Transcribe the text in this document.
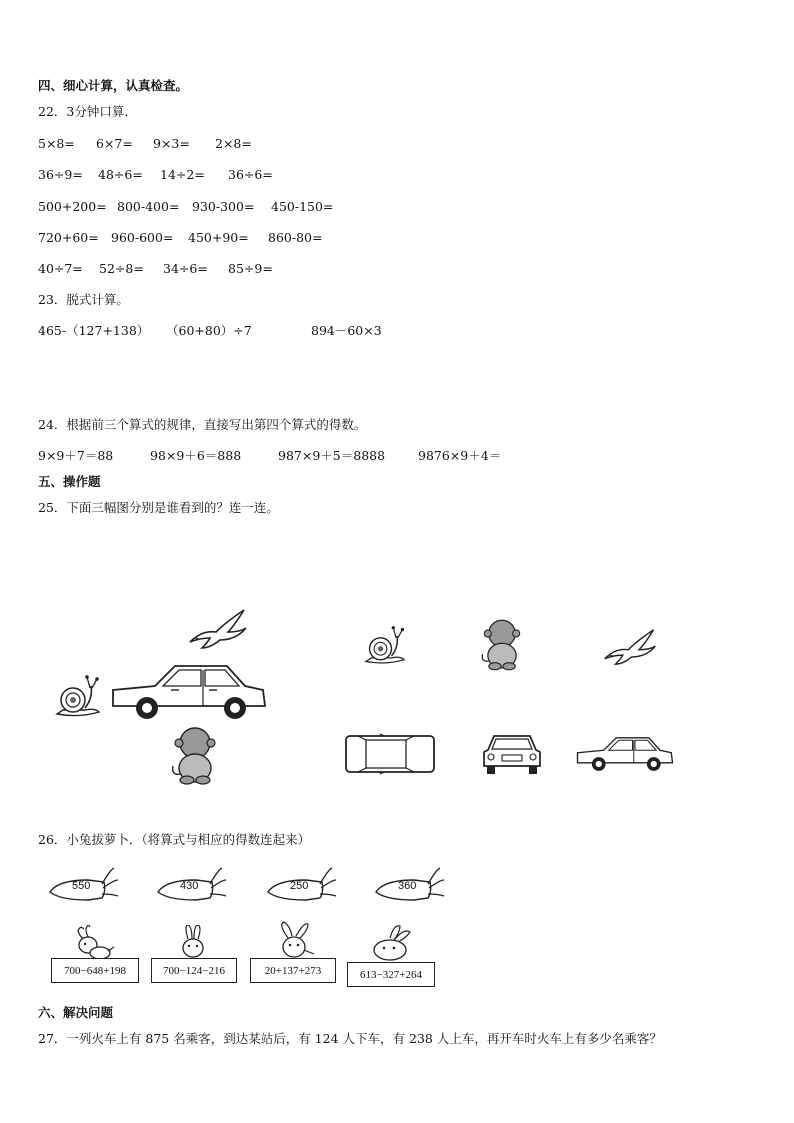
四、细心计算，认真检查。
22．3分钟口算．
5×8= 6×7= 9×3= 2×8=
36÷9= 48÷6= 14÷2= 36÷6=
500+200= 800-400= 930-300= 450-150=
720+60= 960-600= 450+90= 860-80=
40÷7= 52÷8= 34÷6= 85÷9=
23．脱式计算。
465-（127+138） （60+80）÷7	894－60×3
24．根据前三个算式的规律，直接写出第四个算式的得数。
9×9＋7＝88	98×9＋6＝888	987×9＋5＝8888	9876×9＋4＝
五、操作题
25．下面三幅图分别是谁看到的？连一连。
26．小兔拔萝卜．（将算式与相应的得数连起来）
550	430	250	360
700−648+198	700−124−216	20+137+273	613−327+264
六、解决问题
27．一列火车上有 875 名乘客，到达某站后，有 124 人下车，有 238 人上车，再开车时火车上有多少名乘客？
